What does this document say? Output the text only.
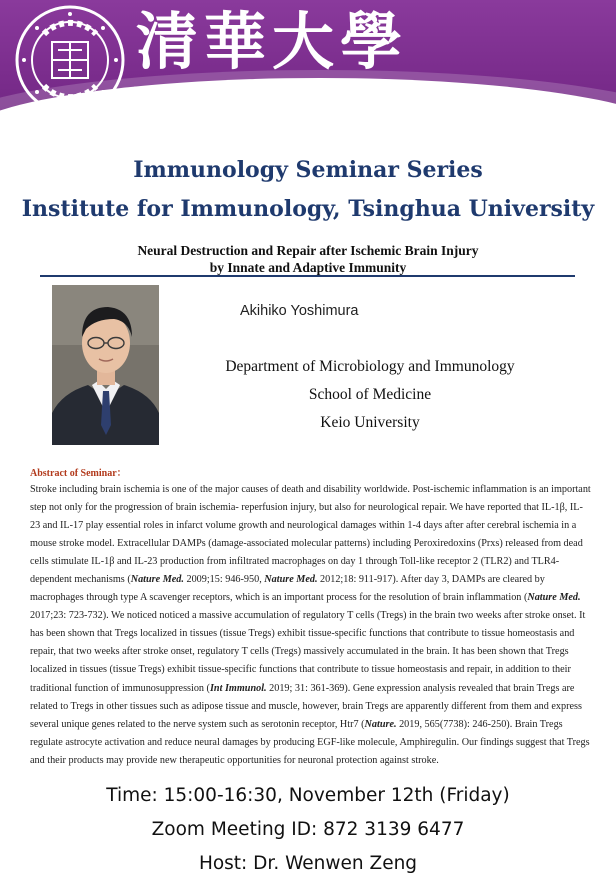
清華大學
Tsinghua University
Immunology Seminar Series
Institute for Immunology, Tsinghua University
Neural Destruction and Repair after Ischemic Brain Injury
by Innate and Adaptive Immunity
Akihiko Yoshimura
Department of Microbiology and Immunology
School of Medicine
Keio University
Abstract of Seminar：
Stroke including brain ischemia is one of the major causes of death and disability worldwide. Post-ischemic inflammation is an important step not only for the progression of brain ischemia- reperfusion injury, but also for neurological repair. We have reported that IL-1β, IL-23 and IL-17 play essential roles in infarct volume growth and neurological damages within 1-4 days after after cerebral ischemia in a mouse stroke model. Extracellular DAMPs (damage-associated molecular patterns) including Peroxiredoxins (Prxs) released from dead cells stimulate IL-1β and IL-23 production from infiltrated macrophages on day 1 through Toll-like receptor 2 (TLR2) and TLR4-dependent mechanisms (Nature Med. 2009;15: 946-950, Nature Med. 2012;18: 911-917). After day 3, DAMPs are cleared by macrophages through type A scavenger receptors, which is an important process for the resolution of brain inflammation (Nature Med. 2017;23: 723-732). We noticed noticed a massive accumulation of regulatory T cells (Tregs) in the brain two weeks after stroke onset. It has been shown that Tregs localized in tissues (tissue Tregs) exhibit tissue-specific functions that contribute to tissue homeostasis and repair, that two weeks after stroke onset, regulatory T cells (Tregs) massively accumulated in the brain. It has been shown that Tregs localized in tissues (tissue Tregs) exhibit tissue-specific functions that contribute to tissue homeostasis and repair, in addition to their traditional function of immunosuppression (Int Immunol. 2019; 31: 361-369). Gene expression analysis revealed that brain Tregs are related to Tregs in other tissues such as adipose tissue and muscle, however, brain Tregs are apparently different from them and express several unique genes related to the nerve system such as serotonin receptor, Htr7 (Nature. 2019, 565(7738): 246-250). Brain Tregs regulate astrocyte activation and reduce neural damages by producing EGF-like molecule, Amphiregulin. Our findings suggest that Tregs and their products may provide new therapeutic opportunities for neuronal protection against stroke.
Time: 15:00-16:30, November 12th (Friday)
Zoom Meeting ID: 872 3139 6477
Host: Dr. Wenwen Zeng
